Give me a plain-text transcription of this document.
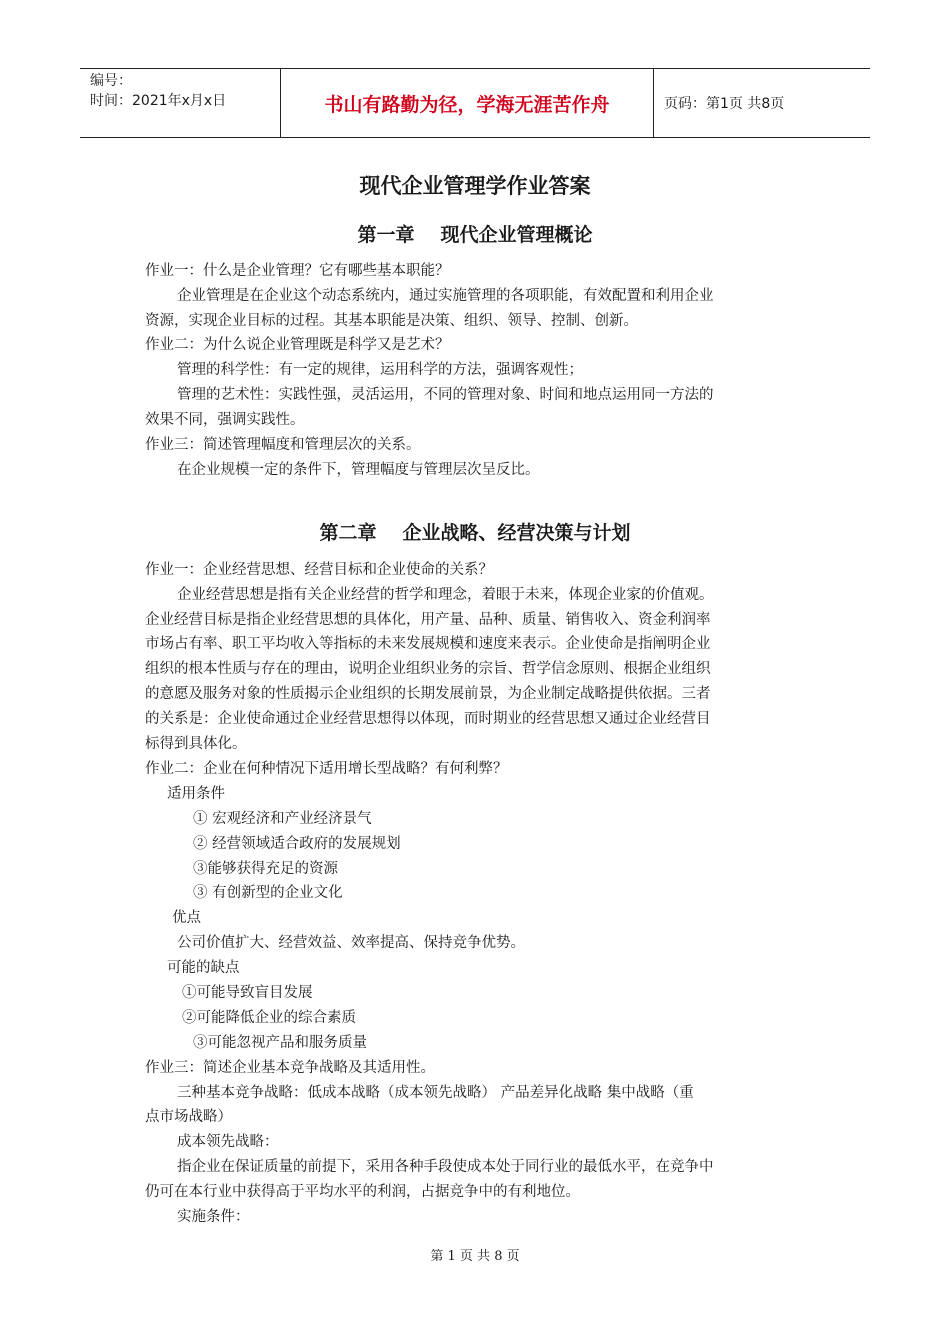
编号：
时间：2021年x月x日	书山有路勤为径，学海无涯苦作舟	页码：第1页 共8页
现代企业管理学作业答案
第一章 现代企业管理概论
作业一：什么是企业管理？它有哪些基本职能？
企业管理是在企业这个动态系统内，通过实施管理的各项职能，有效配置和利用企业
资源，实现企业目标的过程。其基本职能是决策、组织、领导、控制、创新。
作业二：为什么说企业管理既是科学又是艺术？
管理的科学性：有一定的规律，运用科学的方法，强调客观性；
管理的艺术性：实践性强，灵活运用，不同的管理对象、时间和地点运用同一方法的
效果不同，强调实践性。
作业三：简述管理幅度和管理层次的关系。
在企业规模一定的条件下，管理幅度与管理层次呈反比。
第二章 企业战略、经营决策与计划
作业一：企业经营思想、经营目标和企业使命的关系？
企业经营思想是指有关企业经营的哲学和理念，着眼于未来，体现企业家的价值观。
企业经营目标是指企业经营思想的具体化，用产量、品种、质量、销售收入、资金利润率
市场占有率、职工平均收入等指标的未来发展规模和速度来表示。企业使命是指阐明企业
组织的根本性质与存在的理由，说明企业组织业务的宗旨、哲学信念原则、根据企业组织
的意愿及服务对象的性质揭示企业组织的长期发展前景，为企业制定战略提供依据。三者
的关系是：企业使命通过企业经营思想得以体现，而时期业的经营思想又通过企业经营目
标得到具体化。
作业二：企业在何种情况下适用增长型战略？有何利弊？
适用条件
① 宏观经济和产业经济景气
② 经营领域适合政府的发展规划
③能够获得充足的资源
③ 有创新型的企业文化
优点
公司价值扩大、经营效益、效率提高、保持竞争优势。
可能的缺点
①可能导致盲目发展
②可能降低企业的综合素质
③可能忽视产品和服务质量
作业三：简述企业基本竞争战略及其适用性。
三种基本竞争战略：低成本战略（成本领先战略） 产品差异化战略 集中战略（重
点市场战略）
成本领先战略：
指企业在保证质量的前提下，采用各种手段使成本处于同行业的最低水平，在竞争中
仍可在本行业中获得高于平均水平的利润，占据竞争中的有利地位。
实施条件：
第 1 页 共 8 页
